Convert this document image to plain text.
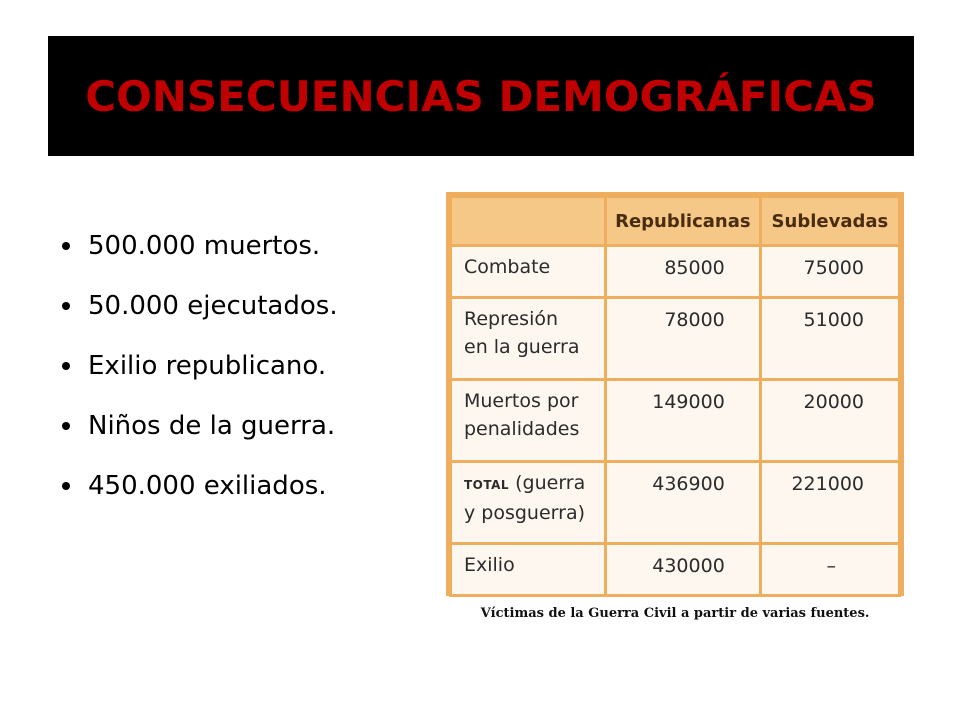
CONSECUENCIAS DEMOGRÁFICAS
500.000 muertos.
50.000 ejecutados.
Exilio republicano.
Niños de la guerra.
450.000 exiliados.
	Republicanas	Sublevadas
Combate	85000	75000
Represión
en la guerra	78000	51000
Muertos por
penalidades	149000	20000
TOTAL (guerra
y posguerra)	436900	221000
Exilio	430000	–
Víctimas de la Guerra Civil a partir de varias fuentes.
